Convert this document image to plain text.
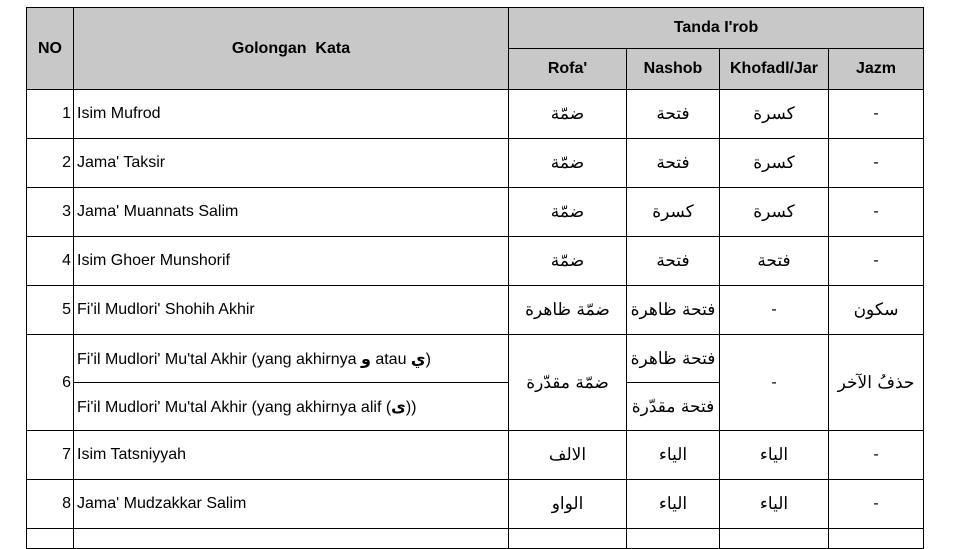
NO	Golongan  Kata	Tanda I'rob			
		Rofa'	Nashob	Khofadl/Jar	Jazm
1	Isim Mufrod	ضمّة	فتحة	كسرة	-
2	Jama' Taksir	ضمّة	فتحة	كسرة	-
3	Jama' Muannats Salim	ضمّة	كسرة	كسرة	-
4	Isim Ghoer Munshorif	ضمّة	فتحة	فتحة	-
5	Fi'il Mudlori' Shohih Akhir	ضمّة ظاهرة	فتحة ظاهرة	-	سكون
6	Fi'il Mudlori' Mu'tal Akhir (yang akhirnya و atau ي)	ضمّة مقدّرة	فتحة ظاهرة	-	حذفُ الآخر
	Fi'il Mudlori' Mu'tal Akhir (yang akhirnya alif (ى))		فتحة مقدّرة		
7	Isim Tatsniyyah	الالف	الياء	الياء	-
8	Jama' Mudzakkar Salim	الواو	الياء	الياء	-
